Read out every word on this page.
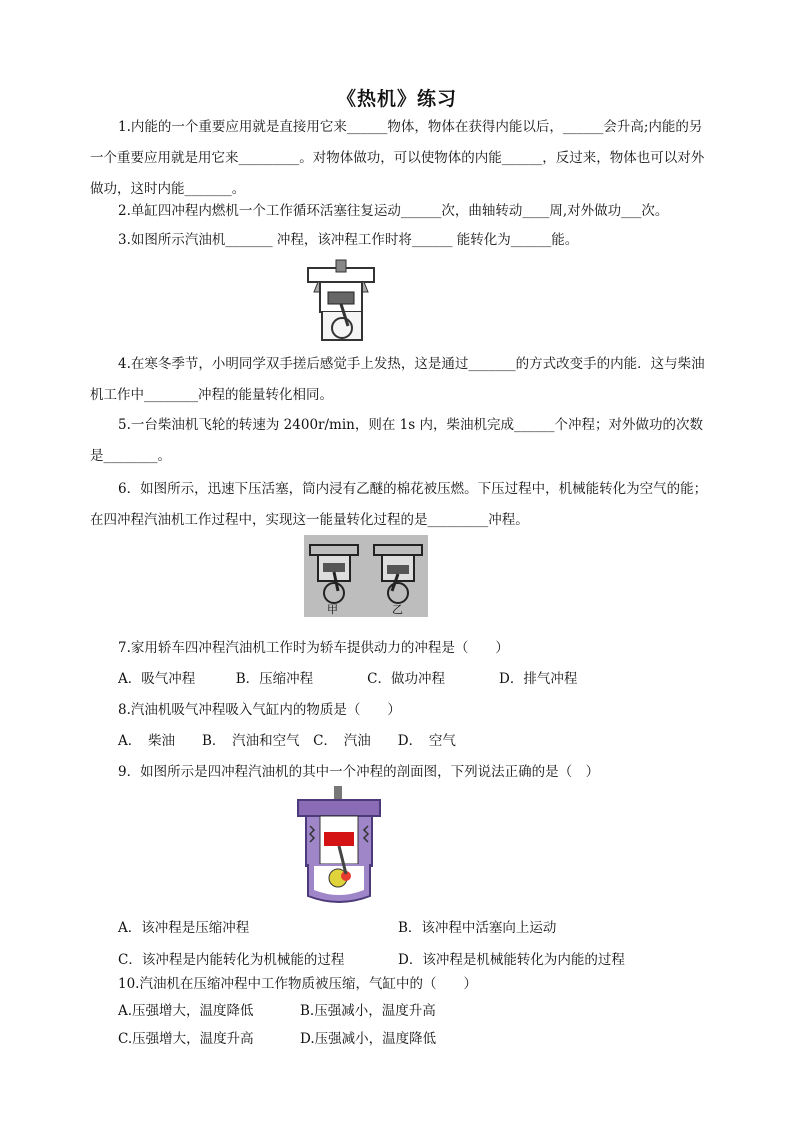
《热机》练习
1.内能的一个重要应用就是直接用它来______物体，物体在获得内能以后，______会升高;内能的另一个重要应用就是用它来_________。对物体做功，可以使物体的内能______，反过来，物体也可以对外做功，这时内能_______。
2.单缸四冲程内燃机一个工作循环活塞往复运动______次，曲轴转动____周,对外做功___次。
3.如图所示汽油机_______ 冲程，该冲程工作时将______ 能转化为______能。
4.在寒冬季节，小明同学双手搓后感觉手上发热，这是通过_______的方式改变手的内能．这与柴油机工作中________冲程的能量转化相同。
5.一台柴油机飞轮的转速为 2400r/min，则在 1s 内，柴油机完成______个冲程；对外做功的次数是________。
6．如图所示，迅速下压活塞，筒内浸有乙醚的棉花被压燃。下压过程中，机械能转化为空气的能；在四冲程汽油机工作过程中，实现这一能量转化过程的是_________冲程。
甲	乙
7.家用轿车四冲程汽油机工作时为轿车提供动力的冲程是（　　）
A．吸气冲程　　　B．压缩冲程　　　　C．做功冲程　　　　D．排气冲程
8.汽油机吸气冲程吸入气缸内的物质是（　　）
A．　柴油　　B．　汽油和空气　C．　汽油　　D．　空气
9．如图所示是四冲程汽油机的其中一个冲程的剖面图，下列说法正确的是（　）
A．该冲程是压缩冲程	B．该冲程中活塞向上运动
C．该冲程是内能转化为机械能的过程	D．该冲程是机械能转化为内能的过程
10.汽油机在压缩冲程中工作物质被压缩，气缸中的（　　）
A.压强增大，温度降低	B.压强减小，温度升高
C.压强增大，温度升高	D.压强减小，温度降低
